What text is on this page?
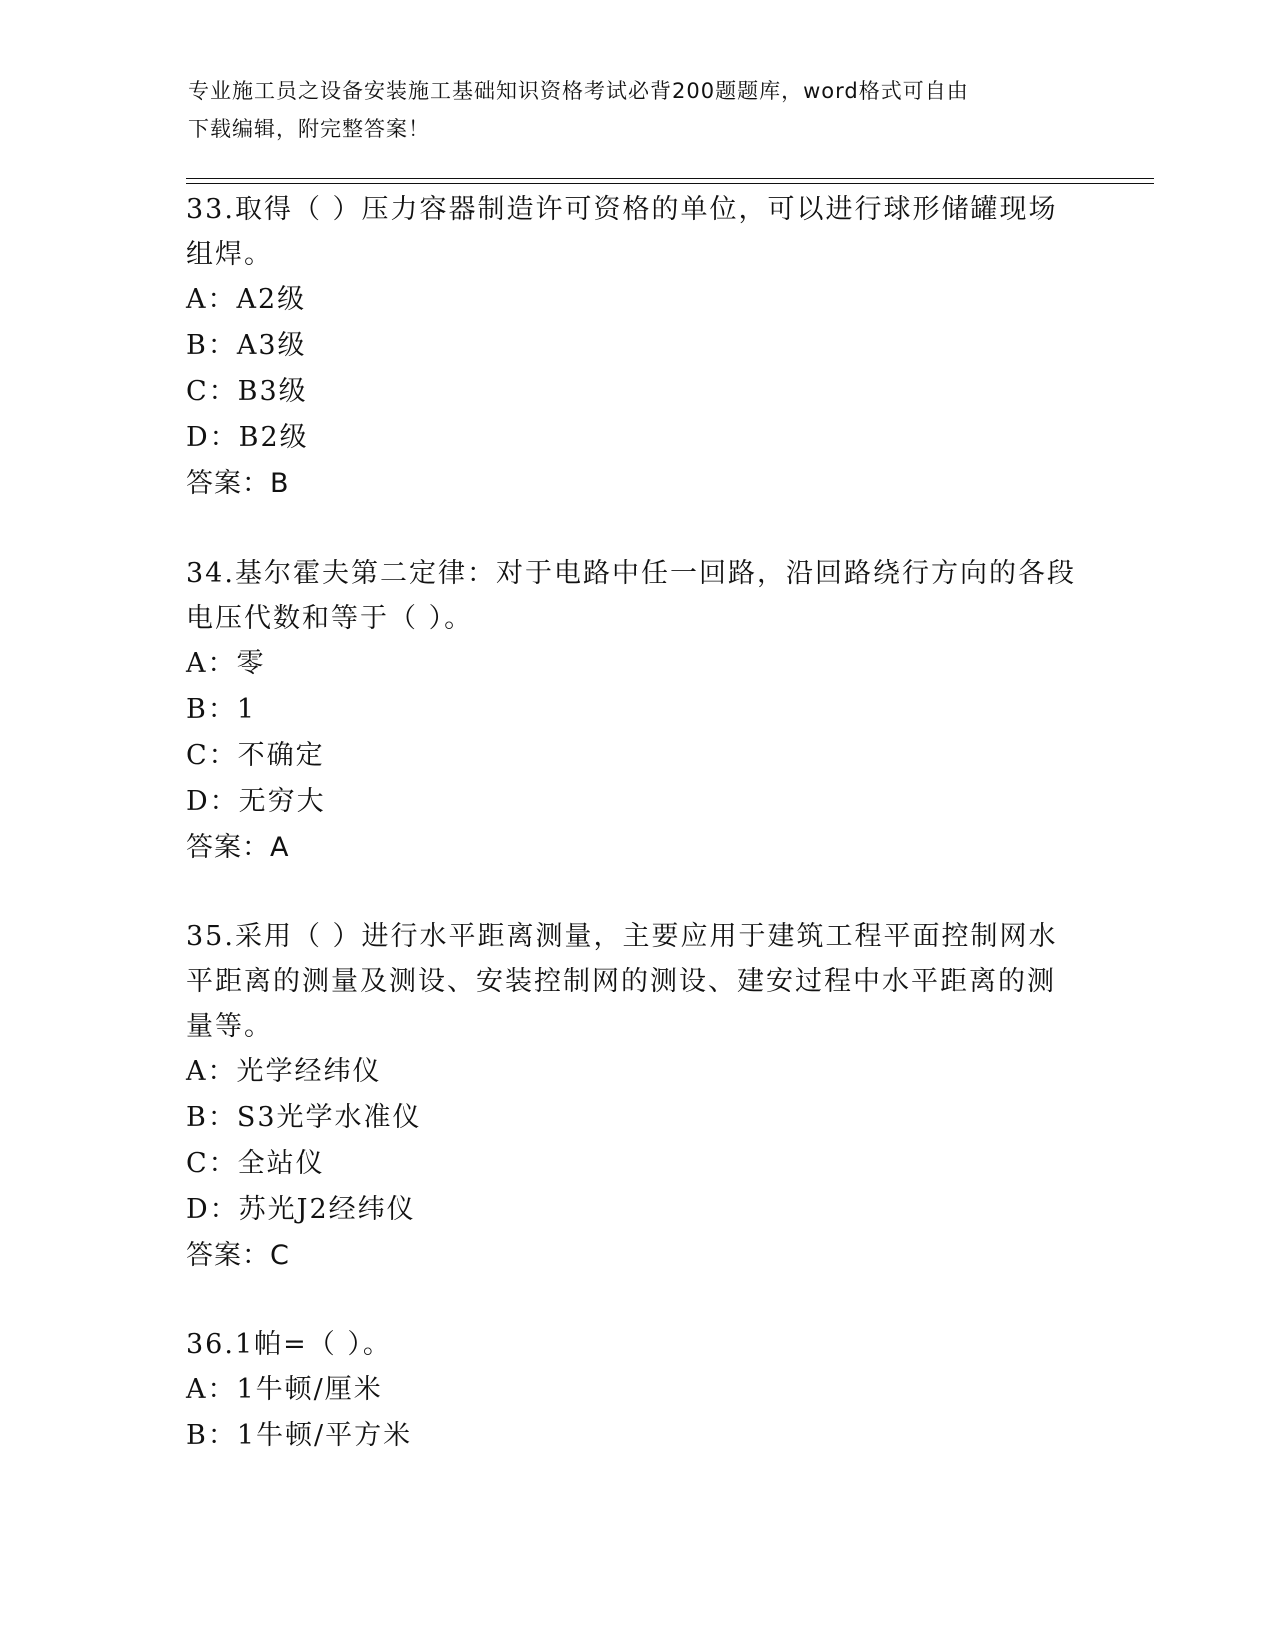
专业施工员之设备安装施工基础知识资格考试必背200题题库，word格式可自由
下载编辑，附完整答案！

33.取得（ ）压力容器制造许可资格的单位，可以进行球形储罐现场

组焊。

A：A2级

B：A3级

C：B3级

D：B2级

答案：B

34.基尔霍夫第二定律：对于电路中任一回路，沿回路绕行方向的各段

电压代数和等于（ ）。

A：零

B：1

C：不确定

D：无穷大

答案：A

35.采用（ ）进行水平距离测量，主要应用于建筑工程平面控制网水

平距离的测量及测设、安装控制网的测设、建安过程中水平距离的测

量等。

A：光学经纬仪

B：S3光学水准仪

C：全站仪

D：苏光J2经纬仪

答案：C

36.1帕=（ ）。

A：1牛顿/厘米

B：1牛顿/平方米
